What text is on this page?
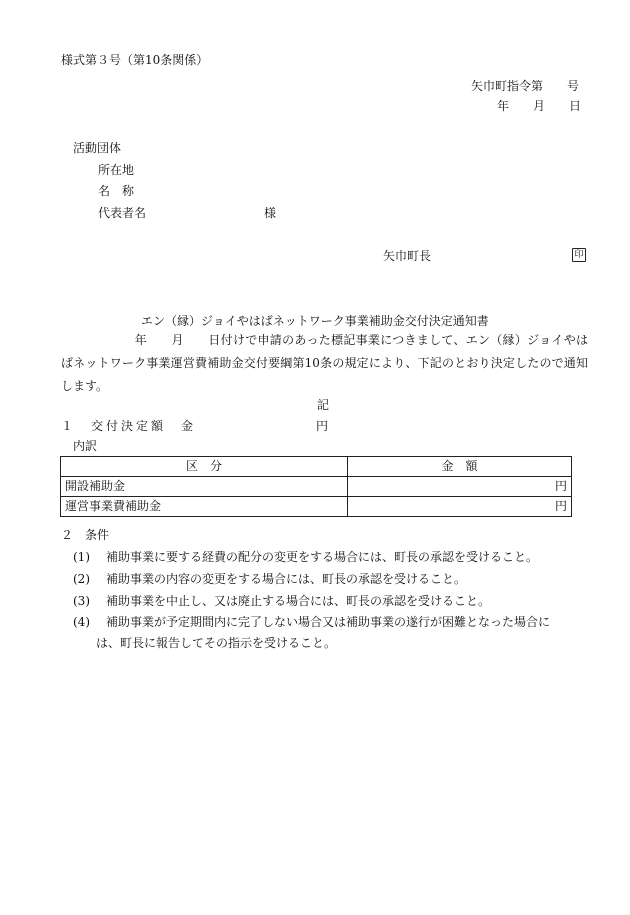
様式第３号（第10条関係）
矢巾町指令第　　号
年　　月　　日
活動団体
所在地
名　称
代表者名	様
矢巾町長	印
エン（縁）ジョイやはばネットワーク事業補助金交付決定通知書
　　　　　　年　　月　　日付けで申請のあった標記事業につきまして、エン（縁）ジョイやはばネットワーク事業運営費補助金交付要綱第10条の規定により、下記のとおり決定したので通知します。
記
１　交付決定額　金	円
内訳
区　分	金　額
開設補助金	円
運営事業費補助金	円
２　条件
(1) 補助事業に要する経費の配分の変更をする場合には、町長の承認を受けること。
(2) 補助事業の内容の変更をする場合には、町長の承認を受けること。
(3) 補助事業を中止し、又は廃止する場合には、町長の承認を受けること。
(4) 補助事業が予定期間内に完了しない場合又は補助事業の遂行が困難となった場合に
は、町長に報告してその指示を受けること。
